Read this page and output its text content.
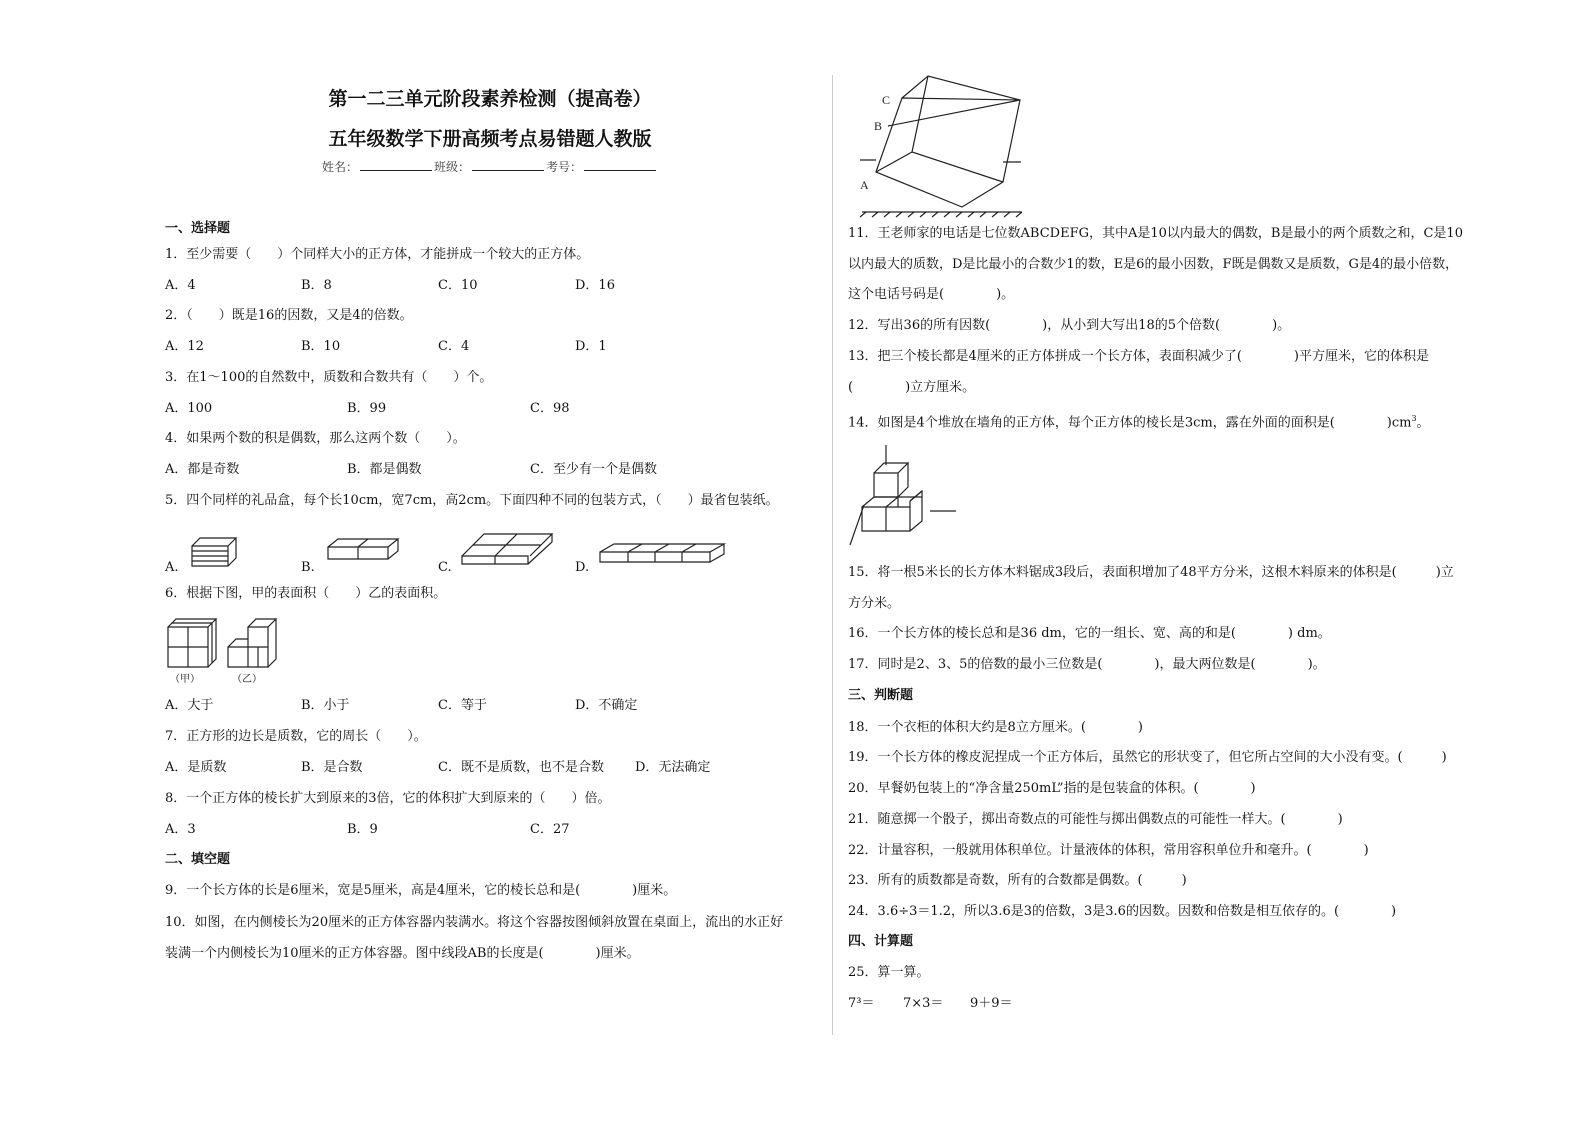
第一二三单元阶段素养检测（提高卷）
五年级数学下册高频考点易错题人教版
姓名：	班级：	考号：
一、选择题
1．至少需要（　　）个同样大小的正方体，才能拼成一个较大的正方体。
A．4	B．8	C．10	D．16
2．（　　）既是16的因数，又是4的倍数。
A．12	B．10	C．4	D．1
3．在1～100的自然数中，质数和合数共有（　　）个。
A．100	B．99	C．98
4．如果两个数的积是偶数，那么这两个数（　　）。
A．都是奇数	B．都是偶数	C．至少有一个是偶数
5．四个同样的礼品盒，每个长10cm，宽7cm，高2cm。下面四种不同的包装方式，（　　）最省包装纸。
A.	B.	C.	D.
6．根据下图，甲的表面积（　　）乙的表面积。
（甲）	（乙）
A．大于	B．小于	C．等于	D．不确定
7．正方形的边长是质数，它的周长（　　）。
A．是质数	B．是合数	C．既不是质数，也不是合数 D．无法确定
8．一个正方体的棱长扩大到原来的3倍，它的体积扩大到原来的（　　）倍。
A．3	B．9	C．27
二、填空题
9．一个长方体的长是6厘米，宽是5厘米，高是4厘米，它的棱长总和是(　　　　)厘米。
10．如图，在内侧棱长为20厘米的正方体容器内装满水。将这个容器按图倾斜放置在桌面上，流出的水正好
装满一个内侧棱长为10厘米的正方体容器。图中线段AB的长度是(　　　　)厘米。
C
B
A
11．王老师家的电话是七位数ABCDEFG，其中A是10以内最大的偶数，B是最小的两个质数之和，C是10
以内最大的质数，D是比最小的合数少1的数，E是6的最小因数，F既是偶数又是质数，G是4的最小倍数，
这个电话号码是(　　　　)。
12．写出36的所有因数(　　　　)，从小到大写出18的5个倍数(　　　　)。
13．把三个棱长都是4厘米的正方体拼成一个长方体，表面积减少了(　　　　)平方厘米，它的体积是
(　　　　)立方厘米。
14．如图是4个堆放在墙角的正方体，每个正方体的棱长是3cm，露在外面的面积是(　　　　)$cm^3$。
15．将一根5米长的长方体木料锯成3段后，表面积增加了48平方分米，这根木料原来的体积是(　　　)立
方分米。
16．一个长方体的棱长总和是36 dm，它的一组长、宽、高的和是(　　　　) dm。
17．同时是2、3、5的倍数的最小三位数是(　　　　)，最大两位数是(　　　　)。
三、判断题
18．一个衣柜的体积大约是8立方厘米。(　　　　)
19．一个长方体的橡皮泥捏成一个正方体后，虽然它的形状变了，但它所占空间的大小没有变。(　　　)
20．早餐奶包装上的“净含量250mL”指的是包装盒的体积。(　　　　)
21．随意掷一个骰子，掷出奇数点的可能性与掷出偶数点的可能性一样大。(　　　　)
22．计量容积，一般就用体积单位。计量液体的体积，常用容积单位升和毫升。(　　　　)
23．所有的质数都是奇数，所有的合数都是偶数。(　　　)
24．3.6÷3＝1.2，所以3.6是3的倍数，3是3.6的因数。因数和倍数是相互依存的。(　　　　)
四、计算题
25．算一算。
7³＝ 7×3＝ 9＋9＝
